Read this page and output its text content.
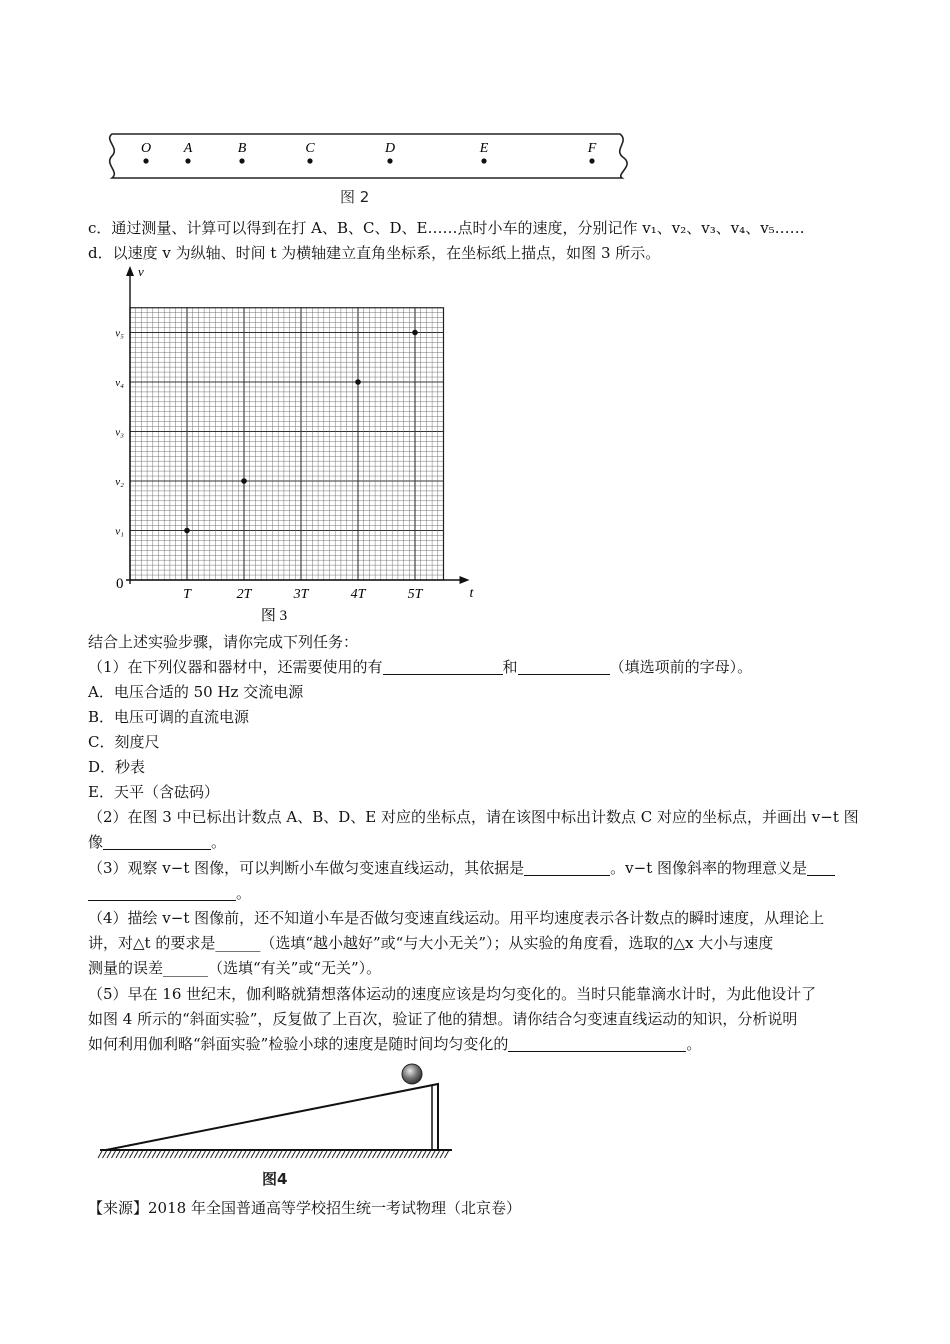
O A	B	C	D	E	F
图 2
c．通过测量、计算可以得到在打 A、B、C、D、E……点时小车的速度，分别记作 v₁、v₂、v₃、v₄、v₅……
d．以速度 v 为纵轴、时间 t 为横轴建立直角坐标系，在坐标纸上描点，如图 3 所示。
v
t
0
T	2T	3T	4T	5T
v₁
v₂
v₃
v₄
v₅
图 3
结合上述实验步骤，请你完成下列任务：
（1）在下列仪器和器材中，还需要使用的有	和	（填选项前的字母）。
A．电压合适的 50 Hz 交流电源
B．电压可调的直流电源
C．刻度尺
D．秒表
E．天平（含砝码）
（2）在图 3 中已标出计数点 A、B、D、E 对应的坐标点，请在该图中标出计数点 C 对应的坐标点，并画出 v−t 图
像	。
（3）观察 v−t 图像，可以判断小车做匀变速直线运动，其依据是	。v−t 图像斜率的物理意义是
。
（4）描绘 v−t 图像前，还不知道小车是否做匀变速直线运动。用平均速度表示各计数点的瞬时速度，从理论上
讲，对△t 的要求是______（选填“越小越好”或“与大小无关”）；从实验的角度看，选取的△x 大小与速度
测量的误差______（选填“有关”或“无关”）。
（5）早在 16 世纪末，伽利略就猜想落体运动的速度应该是均匀变化的。当时只能靠滴水计时，为此他设计了
如图 4 所示的“斜面实验”，反复做了上百次，验证了他的猜想。请你结合匀变速直线运动的知识，分析说明
如何利用伽利略“斜面实验”检验小球的速度是随时间均匀变化的	。
图4
【来源】2018 年全国普通高等学校招生统一考试物理（北京卷）
